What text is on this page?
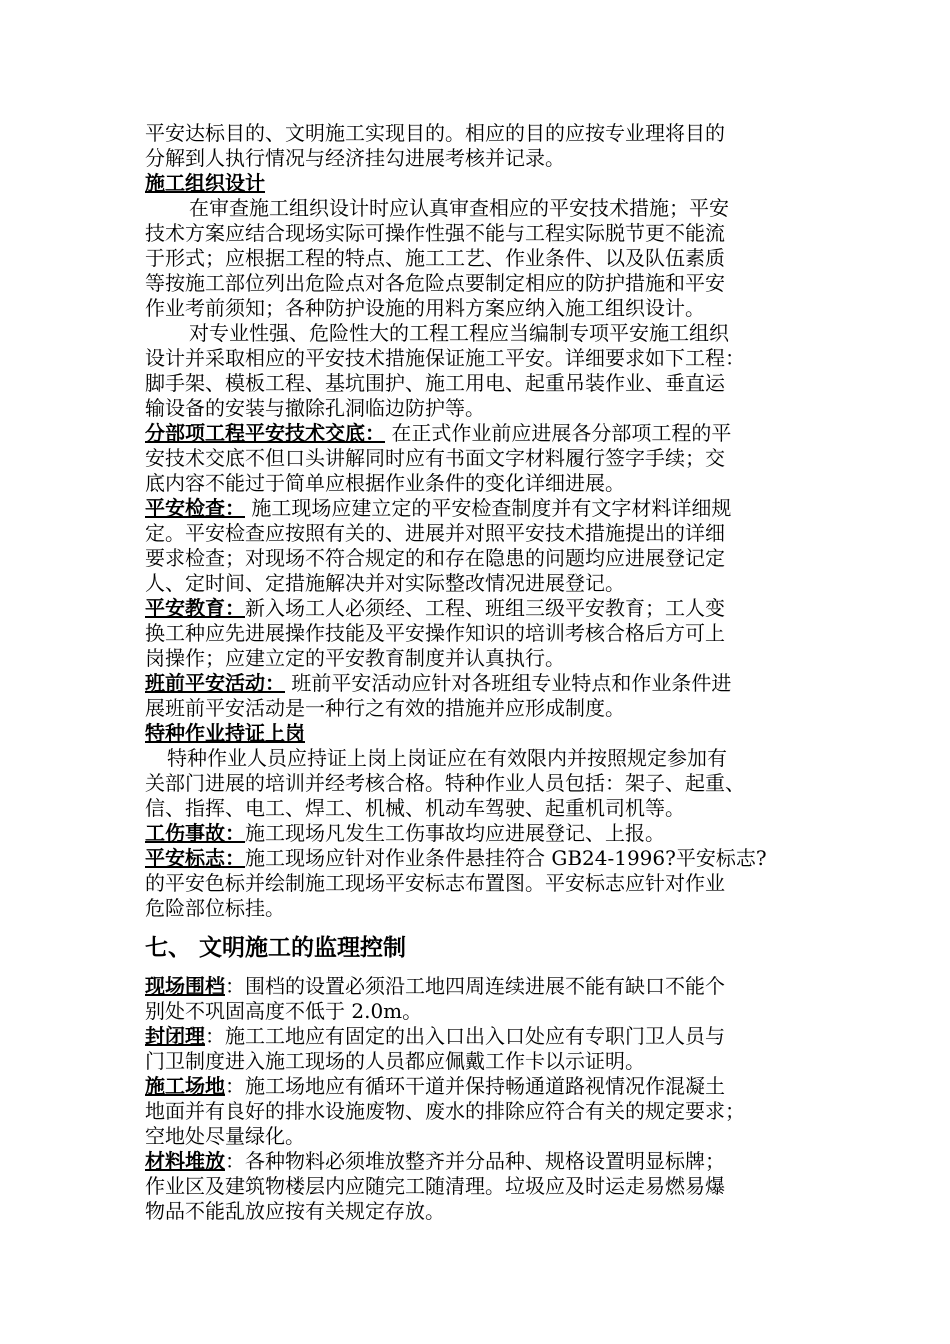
平安达标目的、文明施工实现目的。相应的目的应按专业理将目的
分解到人执行情况与经济挂勾进展考核并记录。
施工组织设计
在审查施工组织设计时应认真审查相应的平安技术措施；平安
技术方案应结合现场实际可操作性强不能与工程实际脱节更不能流
于形式；应根据工程的特点、施工工艺、作业条件、以及队伍素质
等按施工部位列出危险点对各危险点要制定相应的防护措施和平安
作业考前须知；各种防护设施的用料方案应纳入施工组织设计。
对专业性强、危险性大的工程工程应当编制专项平安施工组织
设计并采取相应的平安技术措施保证施工平安。详细要求如下工程：
脚手架、模板工程、基坑围护、施工用电、起重吊装作业、垂直运
输设备的安装与撤除孔洞临边防护等。
分部项工程平安技术交底： 在正式作业前应进展各分部项工程的平
安技术交底不但口头讲解同时应有书面文字材料履行签字手续；交
底内容不能过于简单应根据作业条件的变化详细进展。
平安检查： 施工现场应建立定的平安检查制度并有文字材料详细规
定。平安检查应按照有关的、进展并对照平安技术措施提出的详细
要求检查；对现场不符合规定的和存在隐患的问题均应进展登记定
人、定时间、定措施解决并对实际整改情况进展登记。
平安教育：新入场工人必须经、工程、班组三级平安教育；工人变
换工种应先进展操作技能及平安操作知识的培训考核合格后方可上
岗操作；应建立定的平安教育制度并认真执行。
班前平安活动： 班前平安活动应针对各班组专业特点和作业条件进
展班前平安活动是一种行之有效的措施并应形成制度。
特种作业持证上岗
特种作业人员应持证上岗上岗证应在有效限内并按照规定参加有
关部门进展的培训并经考核合格。特种作业人员包括：架子、起重、
信、指挥、电工、焊工、机械、机动车驾驶、起重机司机等。
工伤事故：施工现场凡发生工伤事故均应进展登记、上报。
平安标志：施工现场应针对作业条件悬挂符合 GB24-1996?平安标志?
的平安色标并绘制施工现场平安标志布置图。平安标志应针对作业
危险部位标挂。
七、 文明施工的监理控制
现场围档：围档的设置必须沿工地四周连续进展不能有缺口不能个
别处不巩固高度不低于 2.0m。
封闭理：施工工地应有固定的出入口出入口处应有专职门卫人员与
门卫制度进入施工现场的人员都应佩戴工作卡以示证明。
施工场地：施工场地应有循环干道并保持畅通道路视情况作混凝土
地面并有良好的排水设施废物、废水的排除应符合有关的规定要求；
空地处尽量绿化。
材料堆放：各种物料必须堆放整齐并分品种、规格设置明显标牌；
作业区及建筑物楼层内应随完工随清理。垃圾应及时运走易燃易爆
物品不能乱放应按有关规定存放。
